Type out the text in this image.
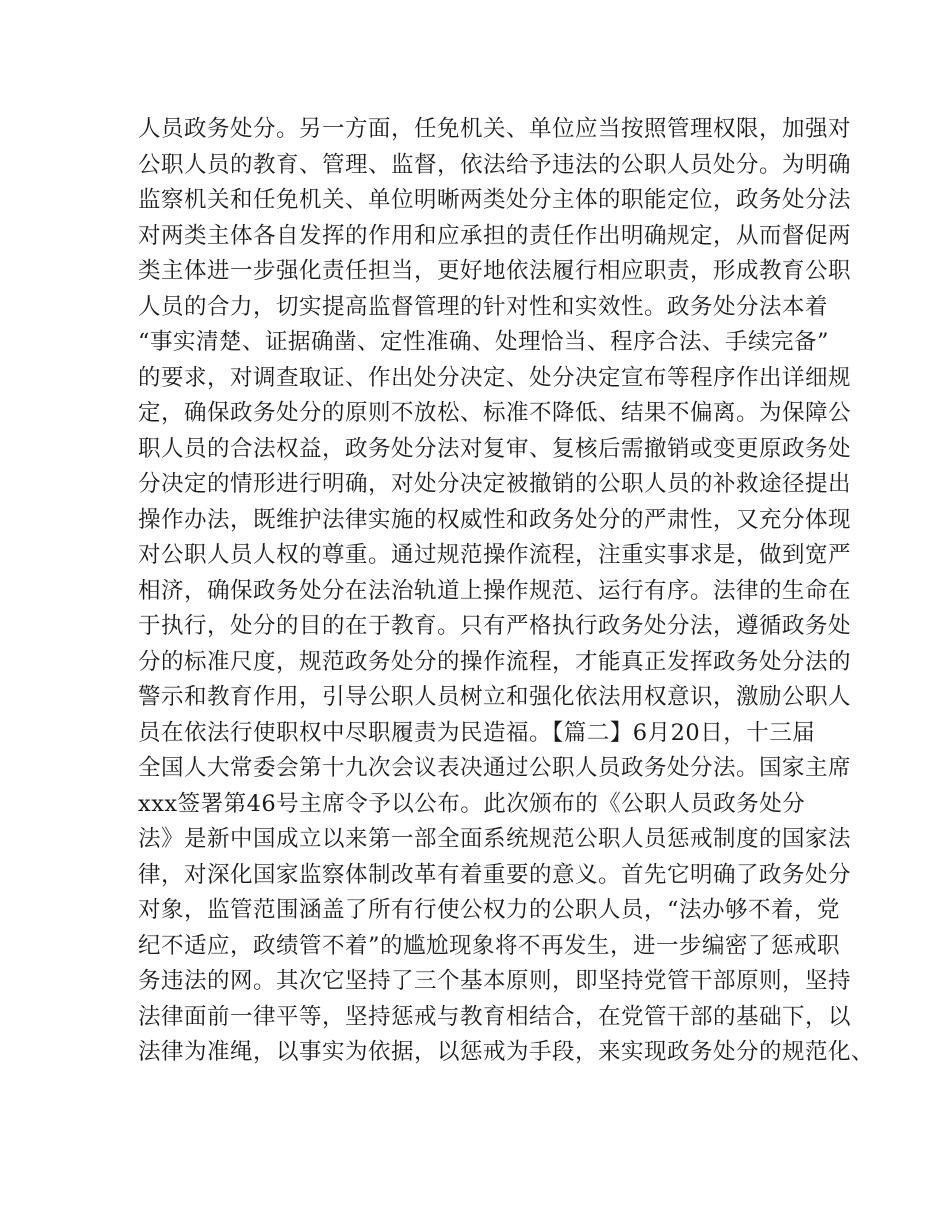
人员政务处分。另一方面，任免机关、单位应当按照管理权限，加强对
公职人员的教育、管理、监督，依法给予违法的公职人员处分。为明确
监察机关和任免机关、单位明晰两类处分主体的职能定位，政务处分法
对两类主体各自发挥的作用和应承担的责任作出明确规定，从而督促两
类主体进一步强化责任担当，更好地依法履行相应职责，形成教育公职
人员的合力，切实提高监督管理的针对性和实效性。政务处分法本着
“事实清楚、证据确凿、定性准确、处理恰当、程序合法、手续完备”
的要求，对调查取证、作出处分决定、处分决定宣布等程序作出详细规
定，确保政务处分的原则不放松、标准不降低、结果不偏离。为保障公
职人员的合法权益，政务处分法对复审、复核后需撤销或变更原政务处
分决定的情形进行明确，对处分决定被撤销的公职人员的补救途径提出
操作办法，既维护法律实施的权威性和政务处分的严肃性，又充分体现
对公职人员人权的尊重。通过规范操作流程，注重实事求是，做到宽严
相济，确保政务处分在法治轨道上操作规范、运行有序。法律的生命在
于执行，处分的目的在于教育。只有严格执行政务处分法，遵循政务处
分的标准尺度，规范政务处分的操作流程，才能真正发挥政务处分法的
警示和教育作用，引导公职人员树立和强化依法用权意识，激励公职人
员在依法行使职权中尽职履责为民造福。【篇二】6月20日，十三届
全国人大常委会第十九次会议表决通过公职人员政务处分法。国家主席
xxx签署第46号主席令予以公布。此次颁布的《公职人员政务处分
法》是新中国成立以来第一部全面系统规范公职人员惩戒制度的国家法
律，对深化国家监察体制改革有着重要的意义。首先它明确了政务处分
对象，监管范围涵盖了所有行使公权力的公职人员，“法办够不着，党
纪不适应，政绩管不着”的尴尬现象将不再发生，进一步编密了惩戒职
务违法的网。其次它坚持了三个基本原则，即坚持党管干部原则，坚持
法律面前一律平等，坚持惩戒与教育相结合，在党管干部的基础下，以
法律为准绳，以事实为依据，以惩戒为手段，来实现政务处分的规范化、
